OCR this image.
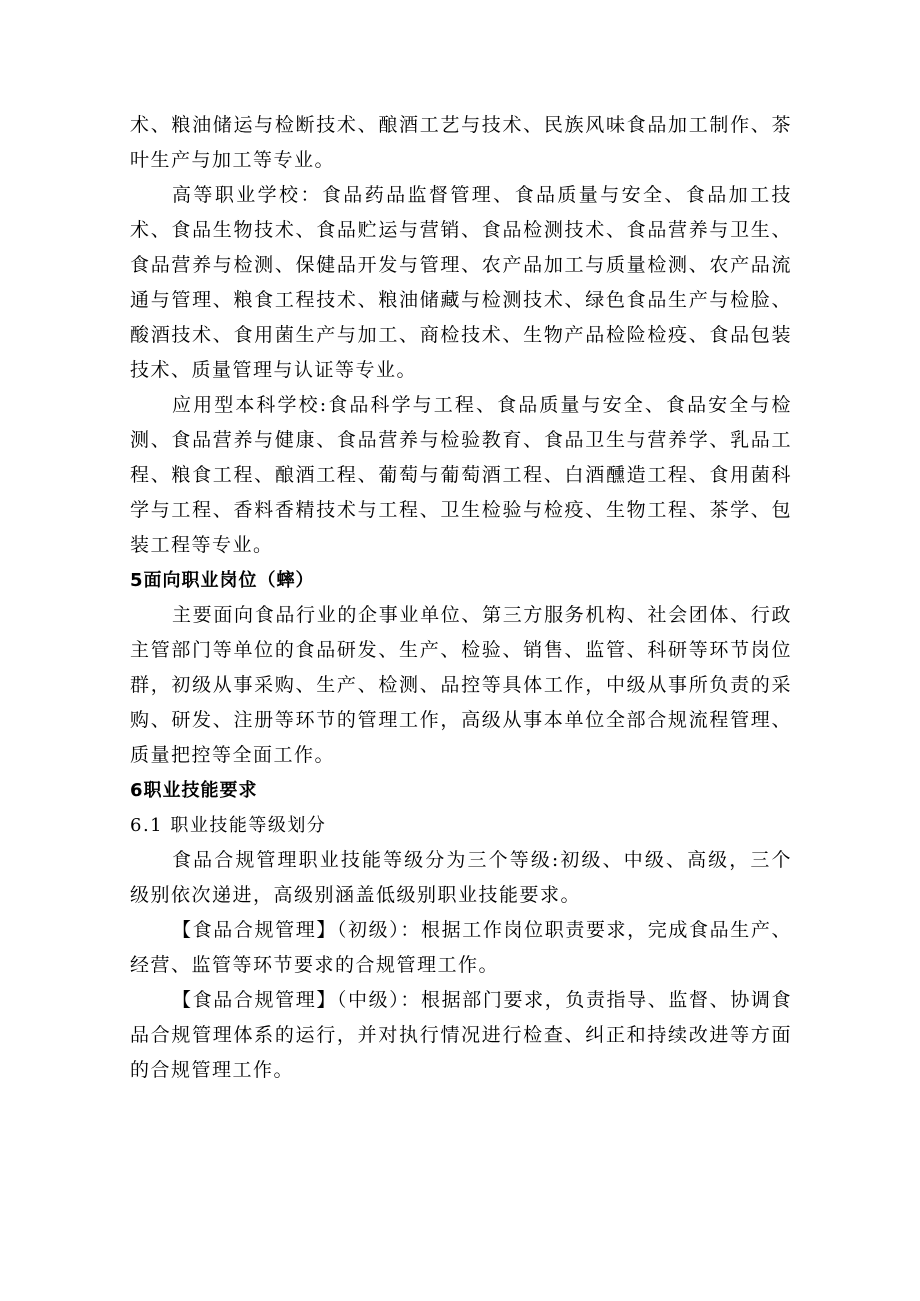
术、粮油储运与检断技术、酿酒工艺与技术、民族风味食品加工制作、茶叶生产与加工等专业。

高等职业学校：食品药品监督管理、食品质量与安全、食品加工技术、食品生物技术、食品贮运与营销、食品检测技术、食品营养与卫生、食品营养与检测、保健品开发与管理、农产品加工与质量检测、农产品流通与管理、粮食工程技术、粮油储藏与检测技术、绿色食品生产与检脸、酸酒技术、食用菌生产与加工、商检技术、生物产品检险检疫、食品包装技术、质量管理与认证等专业。

应用型本科学校:食品科学与工程、食品质量与安全、食品安全与检测、食品营养与健康、食品营养与检验教育、食品卫生与营养学、乳品工程、粮食工程、酿酒工程、葡萄与葡萄酒工程、白酒醺造工程、食用菌科学与工程、香料香精技术与工程、卫生检验与检疫、生物工程、茶学、包装工程等专业。

5面向职业岗位（蟀）

主要面向食品行业的企事业单位、第三方服务机构、社会团体、行政主管部门等单位的食品研发、生产、检验、销售、监管、科研等环节岗位群，初级从事采购、生产、检测、品控等具体工作，中级从事所负责的采购、研发、注册等环节的管理工作，高级从事本单位全部合规流程管理、质量把控等全面工作。

6职业技能要求

6.1 职业技能等级划分

食品合规管理职业技能等级分为三个等级:初级、中级、高级，三个级别依次递进，高级别涵盖低级别职业技能要求。

【食品合规管理】（初级）：根据工作岗位职责要求，完成食品生产、经营、监管等环节要求的合规管理工作。

【食品合规管理】（中级）：根据部门要求，负责指导、监督、协调食品合规管理体系的运行，并对执行情况进行检查、纠正和持续改进等方面的合规管理工作。
